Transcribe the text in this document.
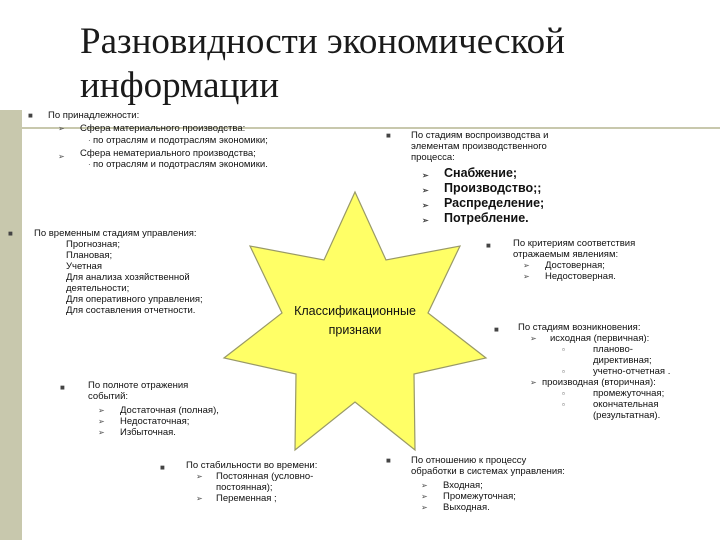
Разновидности экономической
информации
Классификационные
признаки
■ По принадлежности:
➢ Сфера материального производства:
· по отраслям и подотраслям экономики;
➢ Сфера нематериального производства;
· по отраслям и подотраслям экономики.
■ По стадиям воспроизводства и
элементам производственного
процесса:
➢ Снабжение;
➢ Производство;;
➢ Распределение;
➢ Потребление.
■ По временным стадиям управления:
Прогнозная;
Плановая;
Учетная
Для анализа хозяйственной
деятельности;
Для оперативного управления;
Для составления отчетности.
■ По критериям соответствия
отражаемым явлениям:
➢ Достоверная;
➢ Недостоверная.
■ По стадиям возникновения:
➢ исходная (первичная):
▫	планово-
директивная;
▫	учетно-отчетная .
➢ производная (вторичная):
▫	промежуточная;
▫	окончательная
(результатная).
■ По полноте отражения
событий:
➢ Достаточная (полная),
➢ Недостаточная;
➢ Избыточная.
■ По стабильности во времени:
➢ Постоянная (условно-
постоянная);
➢ Переменная ;
■ По отношению к процессу
обработки в системах управления:
➢ Входная;
➢ Промежуточная;
➢ Выходная.
